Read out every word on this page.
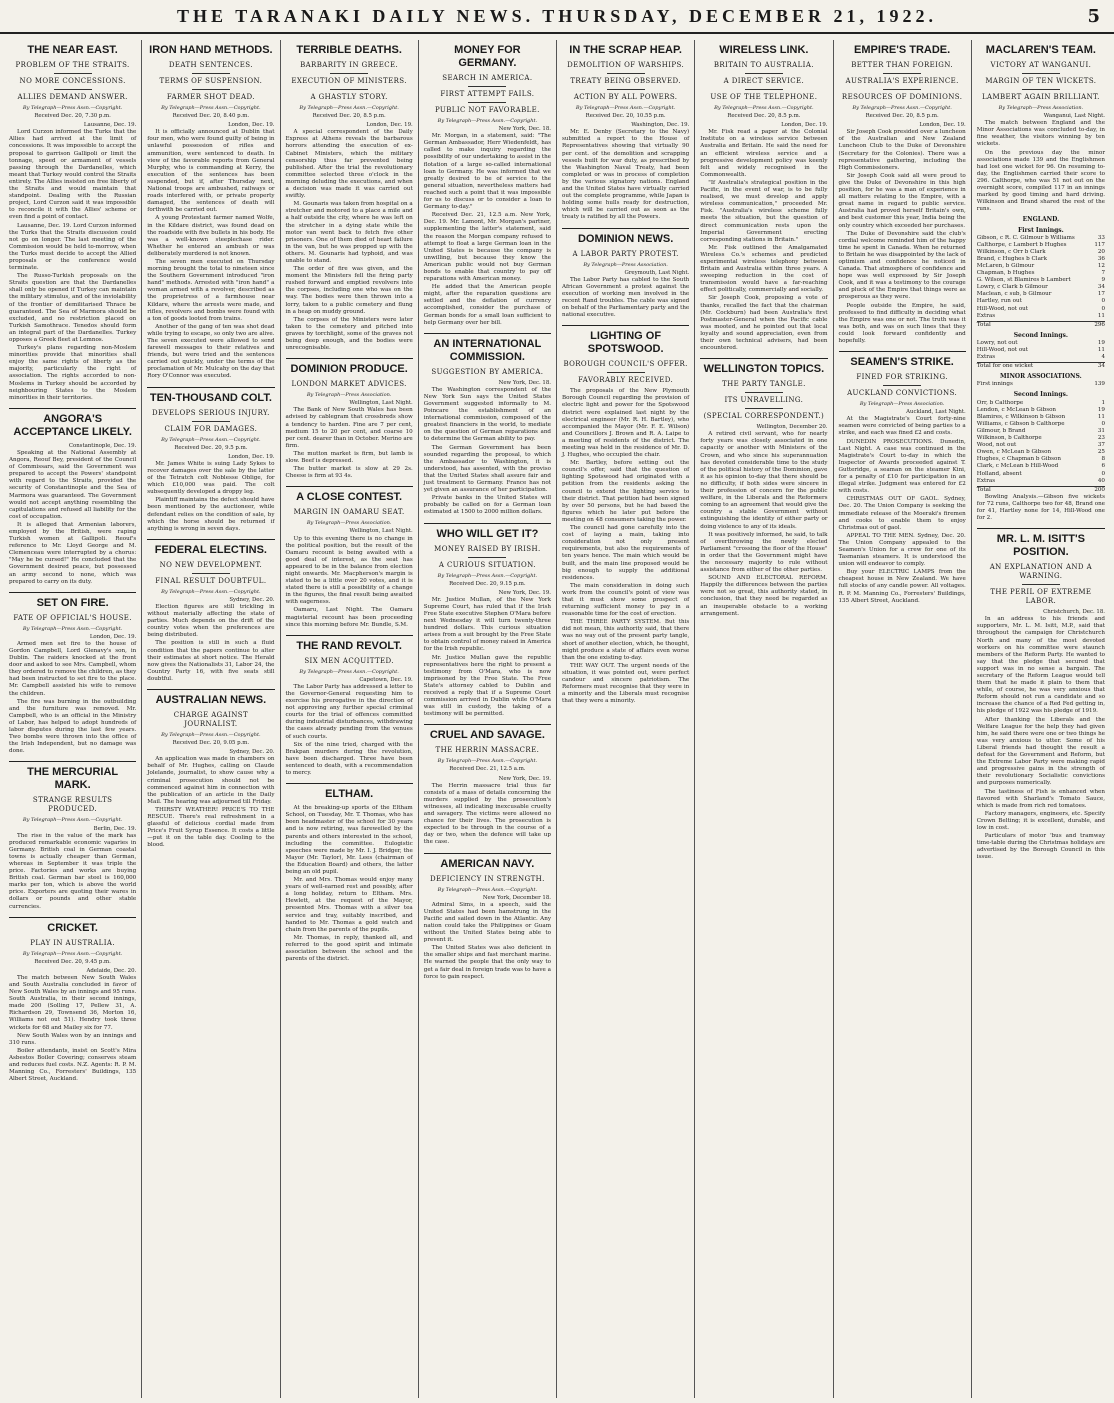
THE TARANAKI DAILY NEWS. THURSDAY, DECEMBER 21, 1922.	5
THE NEAR EAST.
PROBLEM OF THE STRAITS.
NO MORE CONCESSIONS.
ALLIES DEMAND ANSWER.
By Telegraph—Press Assn.—Copyright.
Received Dec. 20, 7.30 p.m.
Lausanne, Dec. 19.

Lord Curzon informed the Turks that the Allies had arrived at the limit of concessions. It was impossible to accept the proposal to garrison Gallipoli or limit the tonnage, speed or armament of vessels passing through the Dardanelles, which meant that Turkey would control the Straits entirely. The Allies insisted on free liberty of the Straits and would maintain that standpoint. Dealing with the Russian project, Lord Curzon said it was impossible to reconcile it with the Allies' scheme or even find a point of contact.

Lausanne, Dec. 19. Lord Curzon informed the Turks that the Straits discussion could not go on longer. The last meeting of the Commission would be held to-morrow, when the Turks must decide to accept the Allied proposals or the conference would terminate.

The Russo-Turkish proposals on the Straits question are that the Dardanelles shall only be opened if Turkey can maintain the military stimulus, and of the inviolability of the frontier of demilitarised Thrace be guaranteed. The Sea of Marmora should be excluded, and no restriction placed on Turkish Samothrace. Tenedos should form an integral part of the Dardanelles. Turkey opposes a Greek fleet at Lemnos.

Turkey's plans regarding non-Moslem minorities provide that minorities shall enjoy the same rights of liberty as the majority, particularly the right of association. The rights accorded to non-Moslems in Turkey should be accorded by neighbouring States to the Moslem minorities in their territories.

ANGORA'S ACCEPTANCE LIKELY.
Constantinople, Dec. 19.

Speaking at the National Assembly at Angora, Reouf Bey, president of the Council of Commissars, said the Government was prepared to accept the Powers' standpoint with regard to the Straits, provided the security of Constantinople and the Sea of Marmora was guaranteed. The Government would not accept anything resembling the capitulations and refused all liability for the cost of occupation.

It is alleged that Armenian laborers, employed by the British, were raping Turkish women at Gallipoli. Reouf's reference to Mr. Lloyd George and M. Clemenceau were interrupted by a chorus: "May he be cursed!" He concluded that the Government desired peace, but possessed an army second to none, which was prepared to carry on its duty.

SET ON FIRE.
FATE OF OFFICIAL'S HOUSE.
By Telegraph—Press Assn.—Copyright.
London, Dec. 19.

Armed men set fire to the house of Gordon Campbell, Lord Glenavy's son, in Dublin. The raiders knocked at the front door and asked to see Mrs. Campbell, whom they ordered to remove the children, as they had been instructed to set fire to the place. Mr. Campbell assisted his wife to remove the children.

The fire was burning in the outbuilding and the furniture was removed. Mr. Campbell, who is an official in the Ministry of Labor, has helped to adopt hundreds of labor disputes during the last few years. Two bombs were thrown into the office of the Irish Independent, but no damage was done.

THE MERCURIAL MARK.
STRANGE RESULTS PRODUCED.
By Telegraph—Press Assn.—Copyright.
Berlin, Dec. 19.

The rise in the value of the mark has produced remarkable economic vagaries in Germany. British coal in German coastal towns is actually cheaper than German, whereas in September it was triple the price. Factories and works are buying British coal. German bar steel is 160,000 marks per ton, which is above the world price. Exporters are quoting their wares in dollars or pounds and other stable currencies.

CRICKET.
PLAY IN AUSTRALIA.
By Telegraph—Press Assn.—Copyright.
Received Dec. 20, 9.45 p.m.
Adelaide, Dec. 20.

The match between New South Wales and South Australia concluded in favor of New South Wales by an innings and 95 runs. South Australia, in their second innings, made 200 (Solling 17, Pellew 31, A. Richardson 29, Townsend 36, Morton 16, Williams not out 51). Hendry took three wickets for 68 and Mailey six for 77.

New South Wales won by an innings and 310 runs.

Boiler attendants, insist on Scott's Mira Asbestos Boiler Covering; conserves steam and reduces fuel costs. N.Z. Agents: R. P. M. Manning Co., Forresters' Buildings, 135 Albert Street, Auckland.

IRON HAND METHODS.
DEATH SENTENCES.
TERMS OF SUSPENSION.
FARMER SHOT DEAD.
By Telegraph—Press Assn.—Copyright.
Received Dec. 20, 8.40 p.m.
London, Dec. 19.

It is officially announced at Dublin that four men, who were found guilty of being in unlawful possession of rifles and ammunition, were sentenced to death. In view of the favorable reports from General Murphy, who is commanding at Kerry, the execution of the sentences has been suspended, but if, after Thursday next, National troops are ambushed, railways or roads interfered with, or private property damaged, the sentences of death will forthwith be carried out.

A young Protestant farmer named Wolfe, in the Kildare district, was found dead on the roadside with five bullets in his body. He was a well-known steeplechase rider. Whether he entered an ambush or was deliberately murdered is not known.

The seven men executed on Thursday morning brought the total to nineteen since the Southern Government introduced "iron hand" methods. Arrested with "iron hand" a woman armed with a revolver, described as the proprietress of a farmhouse near Kildare, where the arrests were made, and rifles, revolvers and bombs were found with a ton of goods looted from trains.

Another of the gang of ten was shot dead while trying to escape, so only two are alive. The seven executed were allowed to send farewell messages to their relatives and friends, but were tried and the sentences carried out quickly, under the terms of the proclamation of Mr. Mulcahy on the day that Rory O'Connor was executed.

TEN-THOUSAND COLT.
DEVELOPS SERIOUS INJURY.
CLAIM FOR DAMAGES.
By Telegraph—Press Assn.—Copyright.
Received Dec. 20, 9.5 p.m.
London, Dec. 19.

Mr. James White is suing Lady Sykes to recover damages over the sale by the latter of the Tetratch colt Noblesse Oblige, for which £10,000 was paid. The colt subsequently developed a droppy leg.

Plaintiff maintains the defect should have been mentioned by the auctioneer, while defendant relies on the condition of sale, by which the horse should be returned if anything is wrong in seven days.

FEDERAL ELECTINS.
NO NEW DEVELOPMENT.
FINAL RESULT DOUBTFUL.
By Telegraph—Press Assn.—Copyright.
Sydney, Dec. 20.

Election figures are still trickling in without materially affecting the state of parties. Much depends on the drift of the country votes when the preferences are being distributed.

The position is still in such a fluid condition that the papers continue to alter their estimates at short notice. The Herald now gives the Nationalists 31, Labor 24, the Country Party 16, with five seats still doubtful.

AUSTRALIAN NEWS.
CHARGE AGAINST JOURNALIST.
By Telegraph—Press Assn.—Copyright.
Received Dec. 20, 9.05 p.m.
Sydney, Dec. 20.

An application was made in chambers on behalf of Mr. Hughes, calling on Claude Jolelande, journalist, to show cause why a criminal prosecution should not be commenced against him in connection with the publication of an article in the Daily Mail. The hearing was adjourned till Friday.

THIRSTY WEATHER! PRICE'S TO THE RESCUE. There's real refreshment in a glassful of delicious cordial made from Price's Fruit Syrup Essence. It costs a little —put it on the table day. Cooling to the blood.

TERRIBLE DEATHS.
BARBARITY IN GREECE.
EXECUTION OF MINISTERS.
A GHASTLY STORY.
By Telegraph—Press Assn.—Copyright.
Received Dec. 20, 8.5 p.m.
London, Dec. 19.

A special correspondent of the Daily Express at Athens reveals the barbarous horrors attending the execution of ex-Cabinet Ministers, which the military censorship thus far prevented being published. After the trial the revolutionary committee selected three o'clock in the morning deluding the executions, and when a decision was made it was carried out swiftly.

M. Gounaris was taken from hospital on a stretcher and motored to a place a mile and a half outside the city, where he was left on the stretcher in a dying state while the motor van went back to fetch five other prisoners. One of them died of heart failure in the van, but he was propped up with the others. M. Gounaris had typhoid, and was unable to stand.

The order of fire was given, and the moment the Ministers fell the firing party rushed forward and emptied revolvers into the corpses, including one who was on the way. The bodies were then thrown into a lorry, taken to a public cemetery and flung in a heap on muddy ground.

The corpses of the Ministers were later taken to the cemetery and pitched into graves by torchlight, some of the graves not being deep enough, and the bodies were unrecognisable.

DOMINION PRODUCE.
LONDON MARKET ADVICES.
By Telegraph—Press Association.
Wellington, Last Night.

The Bank of New South Wales has been advised by cablegram that crossbreds show a tendency to harden. Fine are 7 per cent, medium 15 to 20 per cent, and coarse 10 per cent. dearer than in October. Merino are firm.

The mutton market is firm, but lamb is slow. Beef is depressed.

The butter market is slow at 29 2s. Cheese is firm at 93 4s.

A CLOSE CONTEST.
MARGIN IN OAMARU SEAT.
By Telegraph—Press Association.
Wellington, Last Night.

Up to this evening there is no change in the political position, but the result of the Oamaru recount is being awaited with a good deal of interest, as the seat has appeared to be in the balance from election night onwards. Mr. Macpherson's margin is stated to be a little over 20 votes, and it is stated there is still a possibility of a change in the figures, the final result being awaited with eagerness.

Oamaru, Last Night. The Oamaru magisterial recount has been proceeding since this morning before Mr. Bundle, S.M.

THE RAND REVOLT.
SIX MEN ACQUITTED.
By Telegraph—Press Assn.—Copyright.
Capetown, Dec. 19.

The Labor Party has addressed a letter to the Governor-General requesting him to exercise his prerogative in the direction of not approving any further special criminal courts for the trial of offences committed during industrial disturbances, withdrawing the cases already pending from the venues of such courts.

Six of the nine tried, charged with the Brakpan murders during the revolution, have been discharged. Three have been sentenced to death, with a recommendation to mercy.

ELTHAM.

At the breaking-up sports of the Eltham School, on Tuesday, Mr. T. Thomas, who has been headmaster of the school for 30 years and is now retiring, was farewelled by the parents and others interested in the school, including the committee. Eulogistic speeches were made by Mr. I. J. Bridger, the Mayor (Mr. Taylor), Mr. Lees (chairman of the Education Board) and others, the latter being an old pupil.

Mr. and Mrs. Thomas would enjoy many years of well-earned rest and possibly, after a long holiday, return to Eltham. Mrs. Hewlett, at the request of the Mayor, presented Mrs. Thomas with a silver tea service and tray, suitably inscribed, and handed to Mr. Thomas a gold watch and chain from the parents of the pupils.

Mr. Thomas, in reply, thanked all, and referred to the good spirit and intimate association between the school and the parents of the district.

MONEY FOR GERMANY.
SEARCH IN AMERICA.
FIRST ATTEMPT FAILS.
PUBLIC NOT FAVORABLE.
By Telegraph—Press Assn.—Copyright.
New York, Dec. 18.

Mr. Morgan, in a statement, said: "The German Ambassador, Herr Wiedenfeldt, has called to make inquiry regarding the possibility of our undertaking to assist in the flotation of a large so-called international loan to Germany. He was informed that we greatly desired to be of service to the general situation, nevertheless matters had reached such a point that it was impossible for us to discuss or to consider a loan to Germany to-day."

Received Dec. 21, 12.5 a.m. New York, Dec. 19. Mr. Lamont, Mr. Morgan's partner, supplementing the latter's statement, said the reason the Morgan company refused to attempt to float a large German loan in the United States is because the company is unwilling, but because they know the American public would not buy German bonds to enable that country to pay off reparations with American money.

He added that the American people might, after the reparation questions are settled and the deflation of currency accomplished, consider the purchase of German bonds for a small loan sufficient to help Germany over her bill.

AN INTERNATIONAL COMMISSION.
SUGGESTION BY AMERICA.
New York, Dec. 18.

The Washington correspondent of the New York Sun says the United States Government suggested informally to M. Poincare the establishment of an international commission, composed of the greatest financiers in the world, to mediate on the question of German reparations and to determine the German ability to pay.

The German Government has been sounded regarding the proposal, to which the Ambassador to Washington, it is understood, has assented, with the proviso that the United States shall assure fair and just treatment to Germany. France has not yet given an assurance of her participation.

Private banks in the United States will probably be called on for a German loan estimated at 1500 to 2000 million dollars.

WHO WILL GET IT?
MONEY RAISED BY IRISH.
A CURIOUS SITUATION.
By Telegraph—Press Assn.—Copyright.
Received Dec. 20, 9.15 p.m.
New York, Dec. 19.

Mr. Justice Mullan, of the New York Supreme Court, has ruled that if the Irish Free State executive Stephen O'Mara before next Wednesday it will turn twenty-three hundred dollars. This curious situation arises from a suit brought by the Free State to obtain control of money raised in America for the Irish republic.

Mr. Justice Mullan gave the republic representatives here the right to present a testimony from O'Mara, who is now imprisoned by the Free State. The Free State's attorney cabled to Dublin and received a reply that if a Supreme Court commission arrived in Dublin while O'Mara was still in custody, the taking of a testimony will be permitted.

CRUEL AND SAVAGE.
THE HERRIN MASSACRE.
By Telegraph—Press Assn.—Copyright.
Received Dec. 21, 12.5 a.m.
New York, Dec. 19.

The Herrin massacre trial thus far consists of a mass of details concerning the murders supplied by the prosecution's witnesses, all indicating inexcusable cruelty and savagery. The victims were allowed no chance for their lives. The prosecution is expected to be through in the course of a day or two, when the defence will take up the case.

AMERICAN NAVY.
DEFICIENCY IN STRENGTH.
By Telegraph—Press Assn.—Copyright.
New York, December 18.

Admiral Sims, in a speech, said the United States had been hamstrung in the Pacific and sailed down in the Atlantic. Any nation could take the Philippines or Guam without the United States being able to prevent it.

The United States was also deficient in the smaller ships and fast merchant marine. He warned the people that the only way to get a fair deal in foreign trade was to have a force to gain respect.

IN THE SCRAP HEAP.
DEMOLITION OF WARSHIPS.
TREATY BEING OBSERVED.
ACTION BY ALL POWERS.
By Telegraph—Press Assn.—Copyright.
Received Dec. 20, 10.55 p.m.
Washington, Dec. 19.

Mr. E. Denby (Secretary to the Navy) submitted a report to the House of Representatives showing that virtually 90 per cent. of the demolition and scrapping vessels built for war duty, as prescribed by the Washington Naval Treaty, had been completed or was in process of completion by the various signatory nations. England and the United States have virtually carried out the complete programme, while Japan is holding some hulls ready for destruction, which will be carried out as soon as the treaty is ratified by all the Powers.

DOMINION NEWS.
A LABOR PARTY PROTEST.
By Telegraph—Press Association.
Greymouth, Last Night.

The Labor Party has cabled to the South African Government a protest against the execution of working men involved in the recent Rand troubles. The cable was signed on behalf of the Parliamentary party and the national executive.

LIGHTING OF SPOTSWOOD.
BOROUGH COUNCIL'S OFFER.
FAVORABLY RECEIVED.

The proposals of the New Plymouth Borough Council regarding the provision of electric light and power for the Spotswood district were explained last night by the electrical engineer (Mr. R. H. Bartley), who accompanied the Mayor (Mr. F. E. Wilson) and Councillors J. Brown and R. A. Laipe to a meeting of residents of the district. The meeting was held in the residence of Mr. D. J. Hughes, who occupied the chair.

Mr. Bartley, before setting out the council's offer, said that the question of lighting Spotswood had originated with a petition from the residents asking the council to extend the lighting service to their district. That petition had been signed by over 50 persons, but he had based the figures which he later put before the meeting on 48 consumers taking the power.

The council had gone carefully into the cost of laying a main, taking into consideration not only present requirements, but also the requirements of ten years hence. The main which would be built, and the main line proposed would be big enough to supply the additional residences.

The main consideration in doing such work from the council's point of view was that it must show some prospect of returning sufficient money to pay in a reasonable time for the cost of erection.

THE THREE PARTY SYSTEM. But this did not mean, this authority said, that there was no way out of the present party tangle, short of another election, which, he thought, might produce a state of affairs even worse than the one existing to-day.

THE WAY OUT. The urgent needs of the situation, it was pointed out, were perfect candour and sincere patriotism. The Reformers must recognise that they were in a minority and the Liberals must recognise that they were a minority.

WIRELESS LINK.
BRITAIN TO AUSTRALIA.
A DIRECT SERVICE.
USE OF THE TELEPHONE.
By Telegraph—Press Assn.—Copyright.
Received Dec. 20, 8.5 p.m.
London, Dec. 19.

Mr. Fisk read a paper at the Colonial Institute on a wireless service between Australia and Britain. He said the need for an efficient wireless service and a progressive development policy was keenly felt and widely recognised in the Commonwealth.

"If Australia's strategical position in the Pacific, in the event of war, is to be fully realised, we must develop and apply wireless communication," proceeded Mr. Fisk. "Australia's wireless scheme fully meets the situation, but the question of direct communication rests upon the Imperial Government erecting corresponding stations in Britain."

Mr. Fisk outlined the Amalgamated Wireless Co.'s schemes and predicted experimental wireless telephony between Britain and Australia within three years. A sweeping reduction in the cost of transmission would have a far-reaching effect politically, commercially and socially.

Sir Joseph Cook, proposing a vote of thanks, recalled the fact that the chairman (Mr. Cockburn) had been Australia's first Postmaster-General when the Pacific cable was mooted, and he pointed out that local loyalty and sound appreciation, even from their own technical advisers, had been encountered.

WELLINGTON TOPICS.
THE PARTY TANGLE.
ITS UNRAVELLING.
(SPECIAL CORRESPONDENT.)
Wellington, December 20.

A retired civil servant, who for nearly forty years was closely associated in one capacity or another with Ministers of the Crown, and who since his superannuation has devoted considerable time to the study of the political history of the Dominion, gave it as his opinion to-day that there should be no difficulty, if both sides were sincere in their profession of concern for the public welfare, in the Liberals and the Reformers coming to an agreement that would give the country a stable Government without extinguishing the identity of either party or doing violence to any of its ideals.

It was positively informed, he said, to talk of overthrowing the newly elected Parliament "crossing the floor of the House" in order that the Government might have the necessary majority to rule without assistance from either of the other parties.

SOUND AND ELECTORAL REFORM. Happily the differences between the parties were not so great, this authority stated, in conclusion, that they need be regarded as an insuperable obstacle to a working arrangement.

EMPIRE'S TRADE.
BETTER THAN FOREIGN.
AUSTRALIA'S EXPERIENCE.
RESOURCES OF DOMINIONS.
By Telegraph—Press Assn.—Copyright.
Received Dec. 20, 8.5 p.m.
London, Dec. 19.

Sir Joseph Cook presided over a luncheon of the Australian and New Zealand Luncheon Club to the Duke of Devonshire (Secretary for the Colonies). There was a representative gathering, including the High Commissioners.

Sir Joseph Cook said all were proud to give the Duke of Devonshire in this high position, for he was a man of experience in all matters relating to the Empire, with a great name in regard to public service. Australia had proved herself Britain's own, and best customer this year, India being the only country which exceeded her purchases.

The Duke of Devonshire said the club's cordial welcome reminded him of the happy time he spent in Canada. When he returned to Britain he was disappointed by the lack of optimism and confidence he noticed in Canada. That atmosphere of confidence and hope was well expressed by Sir Joseph Cook, and it was a testimony to the courage and pluck of the Empire that things were as prosperous as they were.

People outside the Empire, he said, professed to find difficulty in deciding what the Empire was one or not. The truth was it was both, and was on such lines that they could look forward confidently and hopefully.

SEAMEN'S STRIKE.
FINED FOR STRIKING.
AUCKLAND CONVICTIONS.
By Telegraph—Press Association.
Auckland, Last Night.

At the Magistrate's Court forty-nine seamen were convicted of being parties to a strike, and each was fined £2 and costs.

DUNEDIN PROSECUTIONS. Dunedin, Last Night. A case was continued in the Magistrate's Court to-day in which the Inspector of Awards proceeded against T. Gutteridge, a seaman on the steamer Kini, for a penalty of £10 for participation in an illegal strike. Judgment was entered for £2 with costs.

CHRISTMAS OUT OF GAOL. Sydney, Dec. 20. The Union Company is seeking the immediate release of the Moeraki's firemen and cooks to enable them to enjoy Christmas out of gaol.

APPEAL TO THE MEN. Sydney, Dec. 20. The Union Company appealed to the Seamen's Union for a crew for one of its Tasmanian steamers. It is understood the union will endeavor to comply.

Buy your ELECTRIC LAMPS from the cheapest house in New Zealand. We have full stocks of any candle power. All voltages. R. P. M. Manning Co., Forresters' Buildings, 135 Albert Street, Auckland.

MACLAREN'S TEAM.
VICTORY AT WANGANUI.
MARGIN OF TEN WICKETS.
LAMBERT AGAIN BRILLIANT.
By Telegraph—Press Association.
Wanganui, Last Night.

The match between England and the Minor Associations was concluded to-day, in fine weather, the visitors winning by ten wickets.

On the previous day the minor associations made 139 and the Englishmen had lost one wicket for 96. On resuming to-day, the Englishmen carried their score to 296. Calthorpe, who was 51 not out on the overnight score, compiled 117 in an innings marked by good timing and hard driving. Wilkinson and Brand shared the rest of the runs.

ENGLAND.
First Innings.
Gibson, c R. C. Gilmour b Williams	33
Calthorpe, c Lambert b Hughes	117
Wilkinson, c Orr b Clark	20
Brand, c Hughes b Clark	36
McLaren, b Gilmour	12
Chapman, b Hughes	7
G. Wilson, st Blamires b Lambert	9
Lowry, c Clark b Gilmour	34
Maclean, c sub, b Gilmour	17
Hartley, run out	0
Hill-Wood, not out	0
Extras	11
Total	296
Second Innings.
Lowry, not out	19
Hill-Wood, not out	11
Extras	4
Total for one wicket	34
MINOR ASSOCIATIONS.
First innings	139
Second Innings.
Orr, b Calthorpe	1
Lendon, c McLean b Gibson	19
Blamires, c Wilkinson b Gibson	11
Williams, c Gibson b Calthorpe	0
Gilmour, b Brand	31
Wilkinson, b Calthorpe	23
Wood, not out	37
Owen, c McLean b Gibson	25
Hughes, c Chapman b Gibson	8
Clark, c McLean b Hill-Wood	6
Holland, absent	0
Extras	40
Total	200

Bowling Analysis.—Gibson five wickets for 72 runs, Calthorpe two for 48, Brand one for 41, Hartley none for 14, Hill-Wood one for 2.

MR. L. M. ISITT'S POSITION.
AN EXPLANATION AND A WARNING.
THE PERIL OF EXTREME LABOR.
Christchurch, Dec. 18.

In an address to his friends and supporters, Mr. L. M. Isitt, M.P., said that throughout the campaign for Christchurch North and many of the most devoted workers on his committee were staunch members of the Reform Party. He wanted to say that the pledge that secured that support was in no sense a bargain. The secretary of the Reform League would tell them that he made it plain to them that while, of course, he was very anxious that Reform should not run a candidate and so increase the chance of a Red Fed getting in, his pledge of 1922 was his pledge of 1919.

After thanking the Liberals and the Welfare League for the help they had given him, he said there were one or two things he was very anxious to utter. Some of his Liberal friends had thought the result a defeat for the Government and Reform, but the Extreme Labor Party were making rapid and progressive gains in the strength of their revolutionary Socialistic convictions and purposes numerically.

The tastiness of Fish is enhanced when flavored with Sharland's Tomato Sauce, which is made from rich red tomatoes.

Factory managers, engineers, etc. Specify Crown Belting; it is excellent, durable, and low in cost.

Particulars of motor 'bus and tramway time-table during the Christmas holidays are advertised by the Borough Council in this issue.
